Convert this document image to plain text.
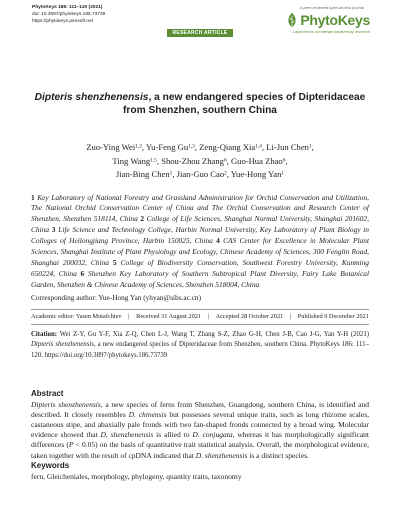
PhytoKeys 186: 111–120 (2021)
doi: 10.3897/phytokeys.186.73739
https://phytokeys.pensoft.net
RESEARCH ARTICLE
A peer-reviewed open-access journal
PhytoKeys
Launched to accelerate biodiversity research
Dipteris shenzhenensis, a new endangered species of Dipteridaceae from Shenzhen, southern China
Zuo-Ying Wei$^{1,2}$, Yu-Feng Gu$^{1,3}$, Zeng-Qiang Xia$^{1,4}$, Li-Jun Chen$^1$,
Ting Wang$^{1,5}$, Shou-Zhou Zhang$^6$, Guo-Hua Zhao$^6$,
Jian-Bing Chen$^1$, Jian-Guo Cao$^2$, Yue-Hong Yan$^1$
1 Key Laboratory of National Forestry and Grassland Administration for Orchid Conservation and Utilization, The National Orchid Conservation Center of China and The Orchid Conservation and Research Center of Shenzhen, Shenzhen 518114, China 2 College of Life Sciences, Shanghai Normal University, Shanghai 201602, China 3 Life Science and Technology College, Harbin Normal University, Key Laboratory of Plant Biology in Colleges of Heilongjiang Province, Harbin 150025, China 4 CAS Center for Excellence in Molecular Plant Sciences, Shanghai Institute of Plant Physiology and Ecology, Chinese Academy of Sciences, 300 Fenglin Road, Shanghai 200032, China 5 College of Biodiversity Conservation, Southwest Forestry University, Kunming 650224, China 6 Shenzhen Key Laboratory of Southern Subtropical Plant Diversity, Fairy Lake Botanical Garden, Shenzhen & Chinese Academy of Sciences, Shenzhen 518004, China
Corresponding author: Yue-Hong Yan (yhyan@sibs.ac.cn)
Academic editor: Yasen Mutafchiev | Received 31 August 2021 | Accepted 28 October 2021 | Published 9 December 2021
Citation: Wei Z-Y, Gu Y-F, Xia Z-Q, Chen L-J, Wang T, Zhang S-Z, Zhao G-H, Chen J-B, Cao J-G, Yan Y-H (2021) Dipteris shenzhenensis, a new endangered species of Dipteridaceae from Shenzhen, southern China. PhytoKeys 186: 111–120. https://doi.org/10.3897/phytokeys.186.73739
Abstract
Dipteris shenzhenensis, a new species of ferns from Shenzhen, Guangdong, southern China, is identified and described. It closely resembles D. chinensis but possesses several unique traits, such as long rhizome scales, castaneous stipe, and abaxially pale fronds with two fan-shaped fronds connected by a broad wing. Molecular evidence showed that D. shenzhenensis is allied to D. conjugata, whereas it has morphologically significant differences (P < 0.05) on the basis of quantitative trait statistical analysis. Overall, the morphological evidence, taken together with the result of cpDNA indicated that D. shenzhenensis is a distinct species.
Keywords
fern, Gleicheniales, morphology, phylogeny, quantity traits, taxonomy
